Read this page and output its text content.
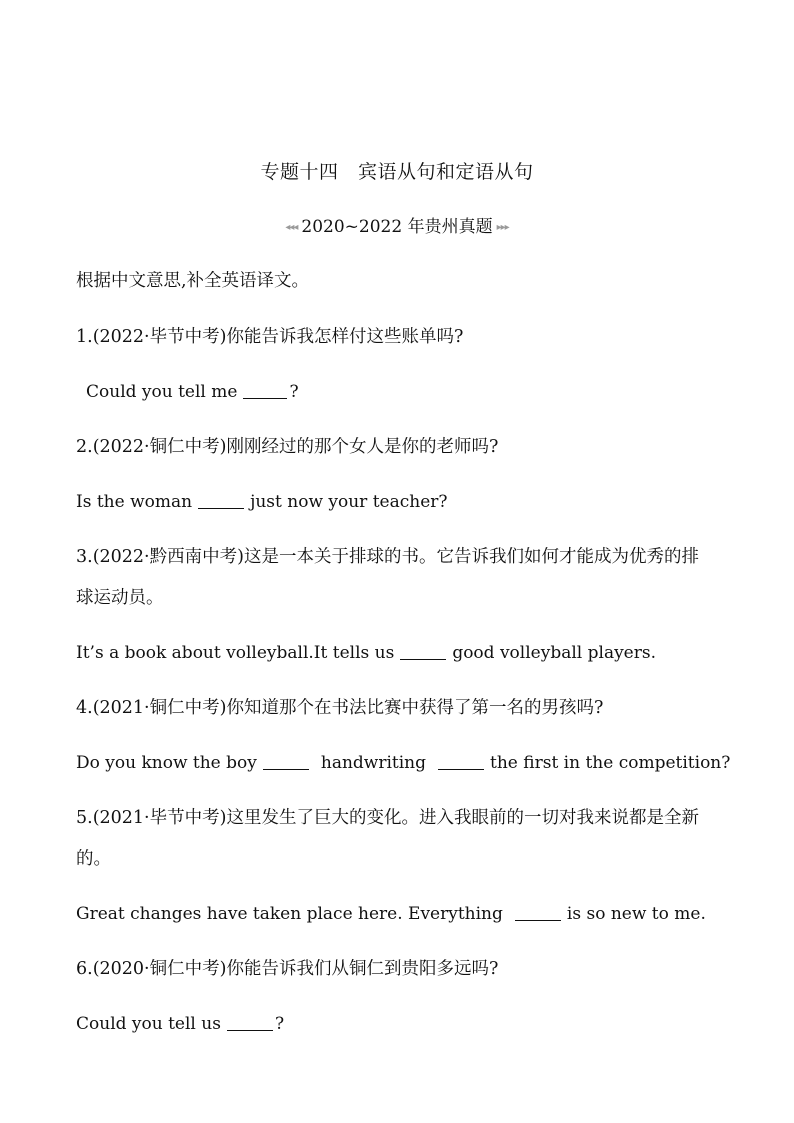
专题十四　宾语从句和定语从句
◂◂◂ 2020~2022 年贵州真题 ▸▸▸
根据中文意思,补全英语译文。
1.(2022·毕节中考)你能告诉我怎样付这些账单吗?
Could you tell me	?
2.(2022·铜仁中考)刚刚经过的那个女人是你的老师吗?
Is the woman	just now your teacher?
3.(2022·黔西南中考)这是一本关于排球的书。它告诉我们如何才能成为优秀的排
球运动员。
It’s a book about volleyball.It tells us	good volleyball players.
4.(2021·铜仁中考)你知道那个在书法比赛中获得了第一名的男孩吗?
Do you know the boy	handwriting	the first in the competition?
5.(2021·毕节中考)这里发生了巨大的变化。进入我眼前的一切对我来说都是全新
的。
Great changes have taken place here. Everything	is so new to me.
6.(2020·铜仁中考)你能告诉我们从铜仁到贵阳多远吗?
Could you tell us	?
